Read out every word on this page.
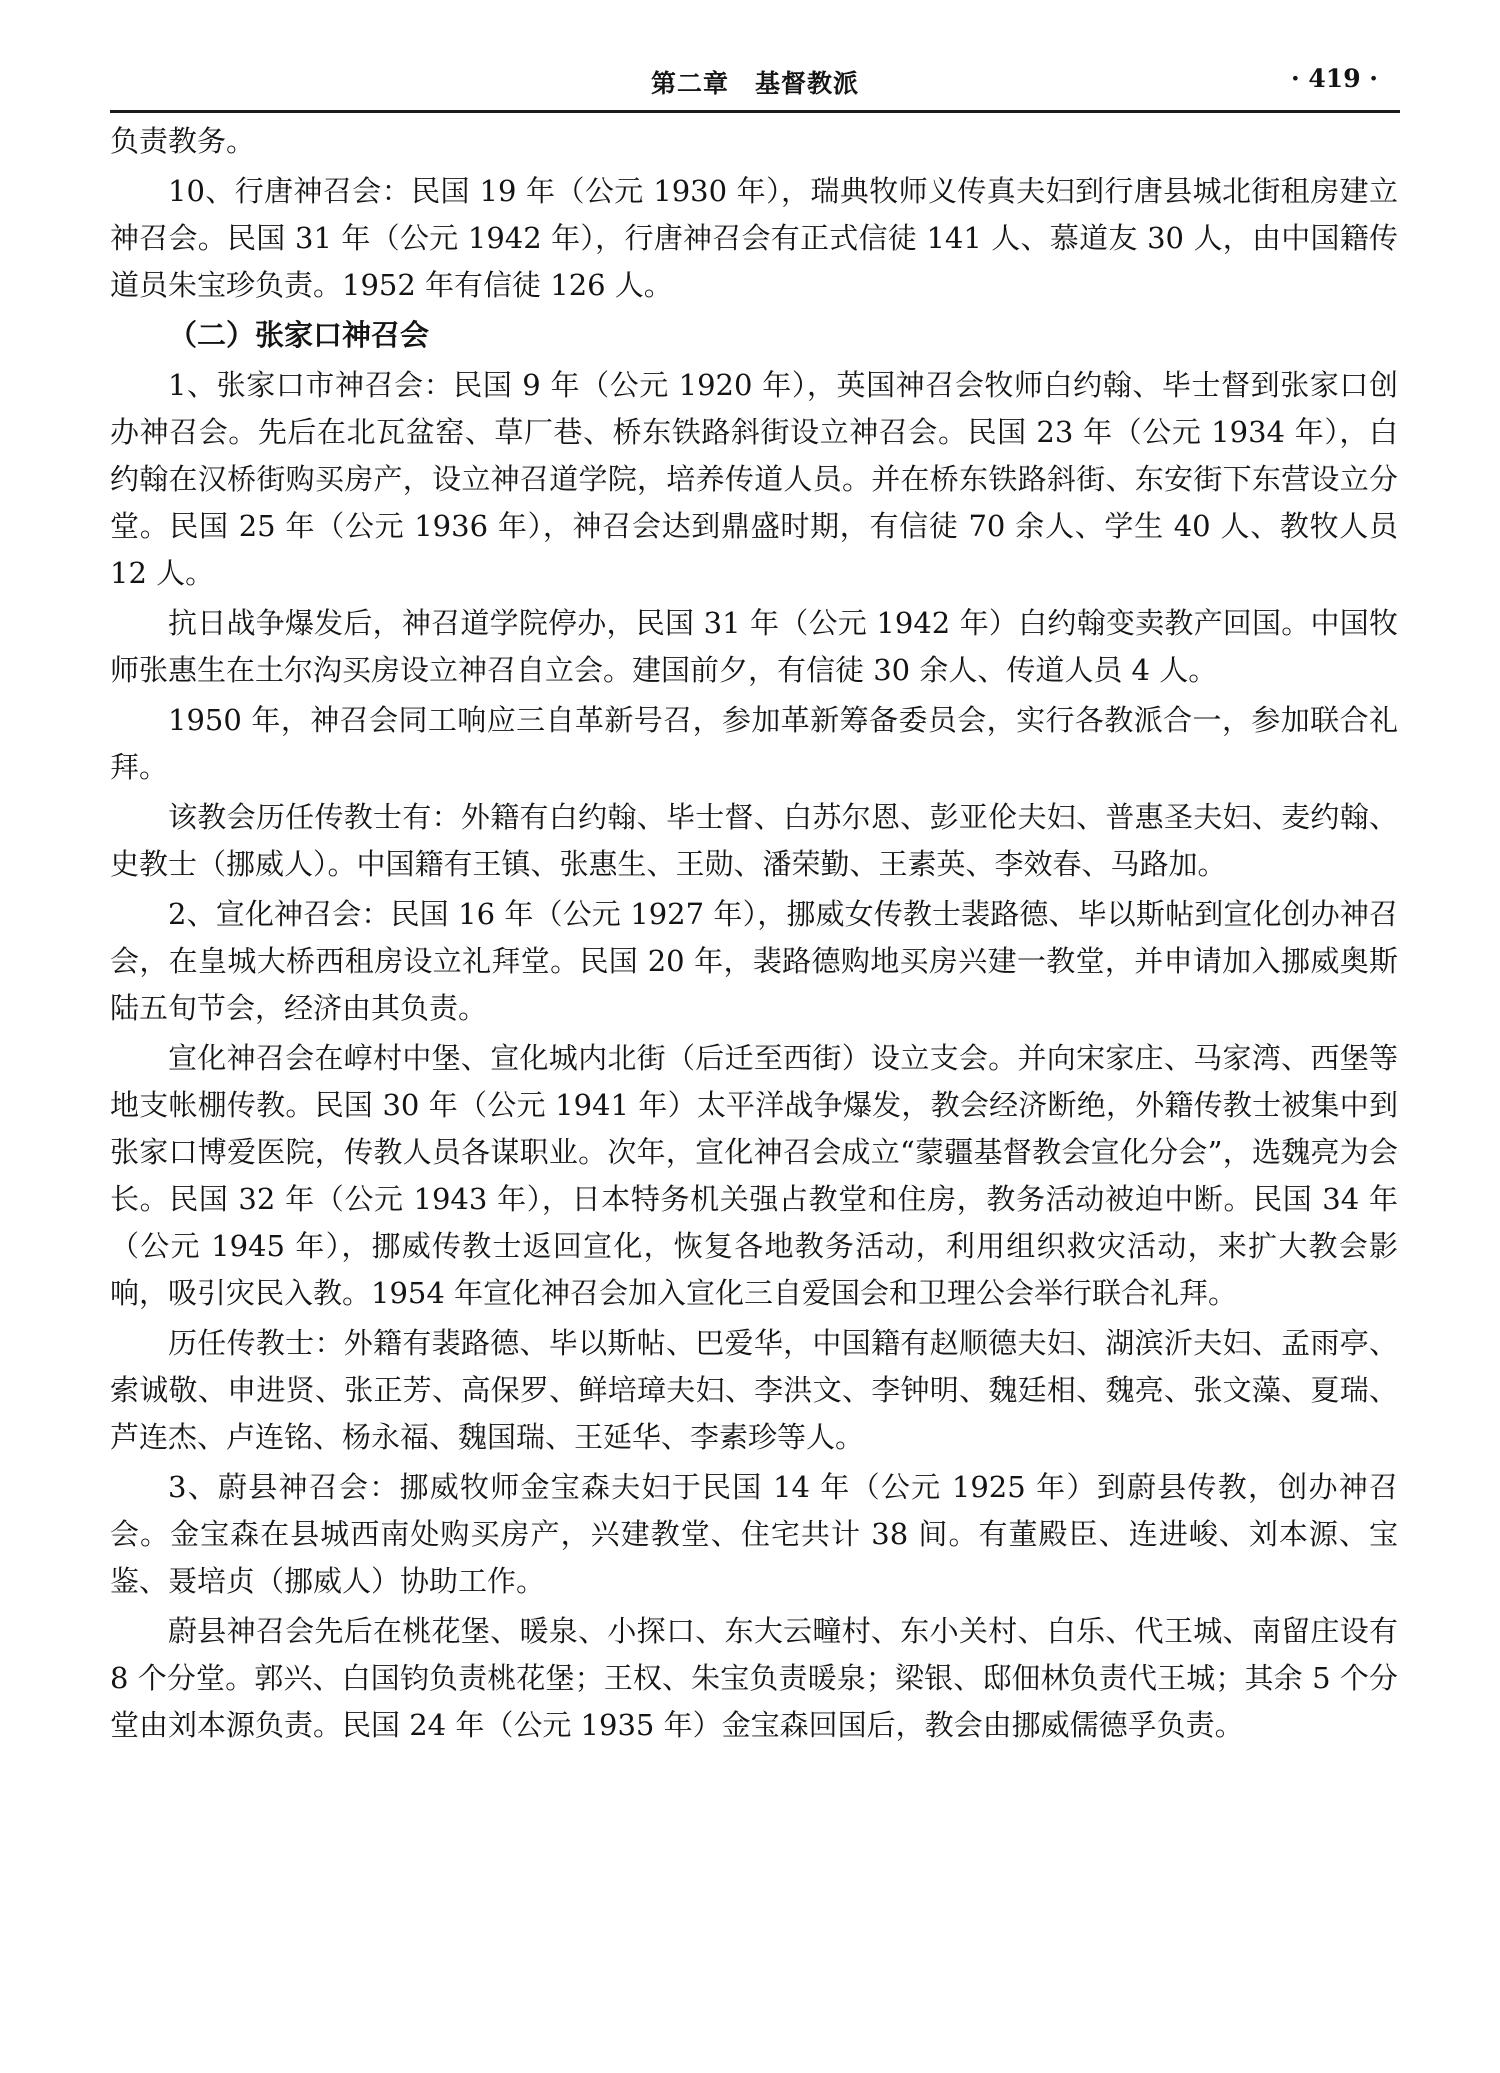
第二章　基督教派	· 419 ·

负责教务。

10、行唐神召会：民国 19 年（公元 1930 年），瑞典牧师义传真夫妇到行唐县城北街租房建立神召会。民国 31 年（公元 1942 年），行唐神召会有正式信徒 141 人、慕道友 30 人，由中国籍传道员朱宝珍负责。1952 年有信徒 126 人。

（二）张家口神召会

1、张家口市神召会：民国 9 年（公元 1920 年），英国神召会牧师白约翰、毕士督到张家口创办神召会。先后在北瓦盆窑、草厂巷、桥东铁路斜街设立神召会。民国 23 年（公元 1934 年），白约翰在汉桥街购买房产，设立神召道学院，培养传道人员。并在桥东铁路斜街、东安街下东营设立分堂。民国 25 年（公元 1936 年），神召会达到鼎盛时期，有信徒 70 余人、学生 40 人、教牧人员 12 人。

抗日战争爆发后，神召道学院停办，民国 31 年（公元 1942 年）白约翰变卖教产回国。中国牧师张惠生在土尔沟买房设立神召自立会。建国前夕，有信徒 30 余人、传道人员 4 人。

1950 年，神召会同工响应三自革新号召，参加革新筹备委员会，实行各教派合一，参加联合礼拜。

该教会历任传教士有：外籍有白约翰、毕士督、白苏尔恩、彭亚伦夫妇、普惠圣夫妇、麦约翰、史教士（挪威人）。中国籍有王镇、张惠生、王勋、潘荣勤、王素英、李效春、马路加。

2、宣化神召会：民国 16 年（公元 1927 年），挪威女传教士裴路德、毕以斯帖到宣化创办神召会，在皇城大桥西租房设立礼拜堂。民国 20 年，裴路德购地买房兴建一教堂，并申请加入挪威奥斯陆五旬节会，经济由其负责。

宣化神召会在崞村中堡、宣化城内北街（后迁至西街）设立支会。并向宋家庄、马家湾、西堡等地支帐棚传教。民国 30 年（公元 1941 年）太平洋战争爆发，教会经济断绝，外籍传教士被集中到张家口博爱医院，传教人员各谋职业。次年，宣化神召会成立“蒙疆基督教会宣化分会”，选魏亮为会长。民国 32 年（公元 1943 年），日本特务机关强占教堂和住房，教务活动被迫中断。民国 34 年（公元 1945 年），挪威传教士返回宣化，恢复各地教务活动，利用组织救灾活动，来扩大教会影响，吸引灾民入教。1954 年宣化神召会加入宣化三自爱国会和卫理公会举行联合礼拜。

历任传教士：外籍有裴路德、毕以斯帖、巴爱华，中国籍有赵顺德夫妇、湖滨沂夫妇、孟雨亭、索诚敬、申进贤、张正芳、高保罗、鲜培璋夫妇、李洪文、李钟明、魏廷相、魏亮、张文藻、夏瑞、芦连杰、卢连铭、杨永福、魏国瑞、王延华、李素珍等人。

3、蔚县神召会：挪威牧师金宝森夫妇于民国 14 年（公元 1925 年）到蔚县传教，创办神召会。金宝森在县城西南处购买房产，兴建教堂、住宅共计 38 间。有董殿臣、连进峻、刘本源、宝鉴、聂培贞（挪威人）协助工作。

蔚县神召会先后在桃花堡、暖泉、小探口、东大云疃村、东小关村、白乐、代王城、南留庄设有 8 个分堂。郭兴、白国钧负责桃花堡；王权、朱宝负责暖泉；梁银、邸佃林负责代王城；其余 5 个分堂由刘本源负责。民国 24 年（公元 1935 年）金宝森回国后，教会由挪威儒德孚负责。
